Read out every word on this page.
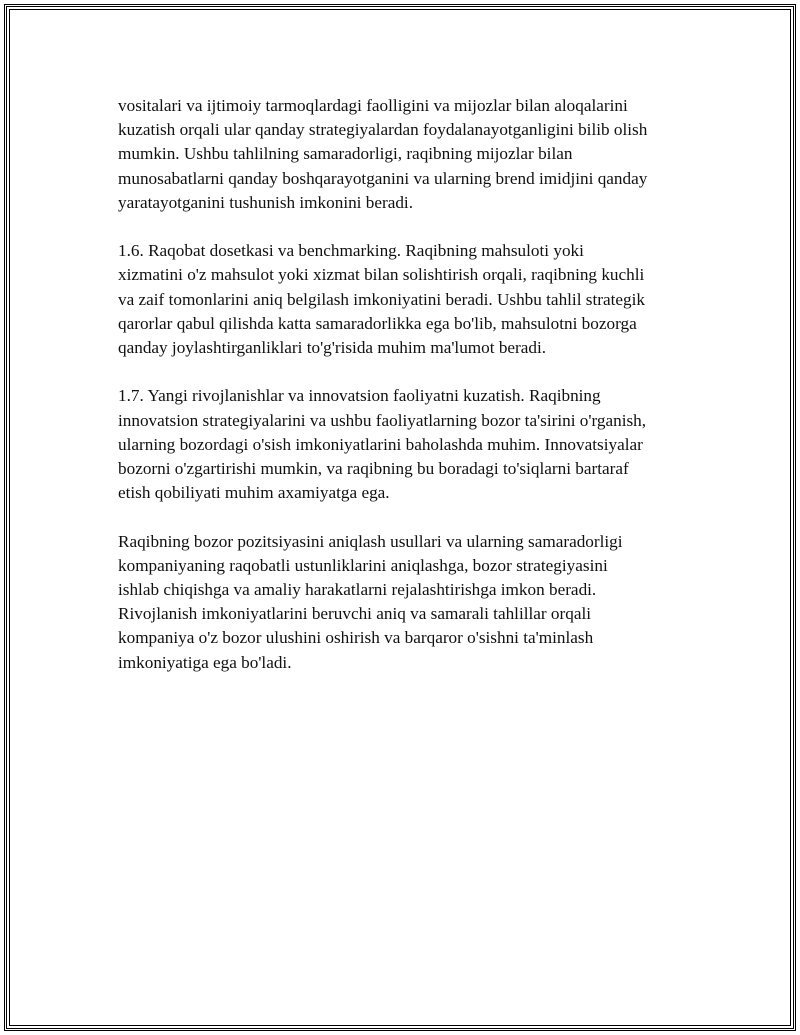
vositalari va ijtimoiy tarmoqlardagi faolligini va mijozlar bilan aloqalarini
kuzatish orqali ular qanday strategiyalardan foydalanayotganligini bilib olish
mumkin. Ushbu tahlilning samaradorligi, raqibning mijozlar bilan
munosabatlarni qanday boshqarayotganini va ularning brend imidjini qanday
yaratayotganini tushunish imkonini beradi.

1.6. Raqobat dosetkasi va benchmarking. Raqibning mahsuloti yoki
xizmatini o'z mahsulot yoki xizmat bilan solishtirish orqali, raqibning kuchli
va zaif tomonlarini aniq belgilash imkoniyatini beradi. Ushbu tahlil strategik
qarorlar qabul qilishda katta samaradorlikka ega bo'lib, mahsulotni bozorga
qanday joylashtirganliklari to'g'risida muhim ma'lumot beradi.

1.7. Yangi rivojlanishlar va innovatsion faoliyatni kuzatish. Raqibning
innovatsion strategiyalarini va ushbu faoliyatlarning bozor ta'sirini o'rganish,
ularning bozordagi o'sish imkoniyatlarini baholashda muhim. Innovatsiyalar
bozorni o'zgartirishi mumkin, va raqibning bu boradagi to'siqlarni bartaraf
etish qobiliyati muhim axamiyatga ega.

Raqibning bozor pozitsiyasini aniqlash usullari va ularning samaradorligi
kompaniyaning raqobatli ustunliklarini aniqlashga, bozor strategiyasini
ishlab chiqishga va amaliy harakatlarni rejalashtirishga imkon beradi.
Rivojlanish imkoniyatlarini beruvchi aniq va samarali tahlillar orqali
kompaniya o'z bozor ulushini oshirish va barqaror o'sishni ta'minlash
imkoniyatiga ega bo'ladi.
